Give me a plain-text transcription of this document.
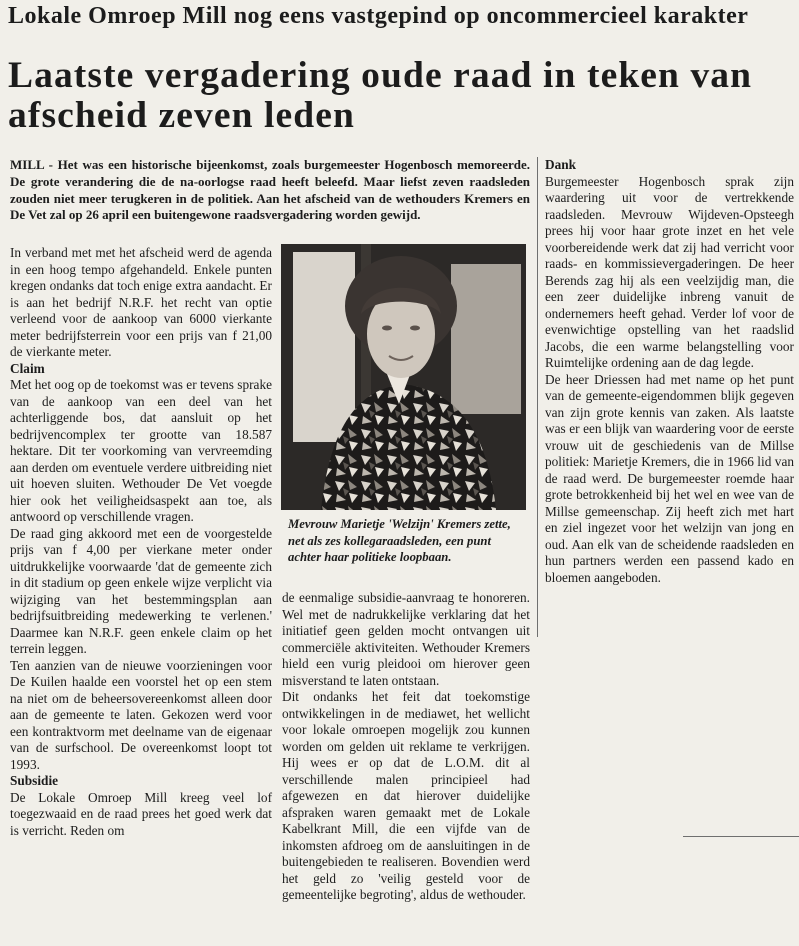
Lokale Omroep Mill nog eens vastgepind op oncommercieel karakter
Laatste vergadering oude raad in teken van afscheid zeven leden

MILL - Het was een historische bijeenkomst, zoals burgemeester Hogenbosch memoreerde. De grote verandering die de na-oorlogse raad heeft beleefd. Maar liefst zeven raadsleden zouden niet meer terugkeren in de politiek. Aan het afscheid van de wethouders Kremers en De Vet zal op 26 april een buitengewone raadsvergadering worden gewijd.

In verband met met het afscheid werd de agenda in een hoog tempo afgehandeld. Enkele punten kregen ondanks dat toch enige extra aandacht. Er is aan het bedrijf N.R.F. het recht van optie verleend voor de aankoop van 6000 vierkante meter bedrijfsterrein voor een prijs van f 21,00 de vierkante meter.

Claim

Met het oog op de toekomst was er tevens sprake van de aankoop van een deel van het achterliggende bos, dat aansluit op het bedrijvencomplex ter grootte van 18.587 hektare. Dit ter voorkoming van vervreemding aan derden om eventuele verdere uitbreiding niet uit hoeven sluiten. Wethouder De Vet voegde hier ook het veiligheidsaspekt aan toe, als antwoord op verschillende vragen.

De raad ging akkoord met een de voorgestelde prijs van f 4,00 per vierkane meter onder uitdrukkelijke voorwaarde 'dat de gemeente zich in dit stadium op geen enkele wijze verplicht via wijziging van het bestemmingsplan aan bedrijfsuitbreiding medewerking te verlenen.' Daarmee kan N.R.F. geen enkele claim op het terrein leggen.

Ten aanzien van de nieuwe voorzieningen voor De Kuilen haalde een voorstel het op een stem na niet om de beheersovereenkomst alleen door aan de gemeente te laten. Gekozen werd voor een kontraktvorm met deelname van de eigenaar van de surfschool. De overeenkomst loopt tot 1993.

Subsidie

De Lokale Omroep Mill kreeg veel lof toegezwaaid en de raad prees het goed werk dat is verricht. Reden om

Mevrouw Marietje 'Welzijn' Kremers zette, net als zes kollegaraadsleden, een punt achter haar politieke loopbaan.

de eenmalige subsidie-aanvraag te honoreren. Wel met de nadrukkelijke verklaring dat het initiatief geen gelden mocht ontvangen uit commerciële aktiviteiten. Wethouder Kremers hield een vurig pleidooi om hierover geen misverstand te laten ontstaan.

Dit ondanks het feit dat toekomstige ontwikkelingen in de mediawet, het wellicht voor lokale omroepen mogelijk zou kunnen worden om gelden uit reklame te verkrijgen. Hij wees er op dat de L.O.M. dit al verschillende malen principieel had afgewezen en dat hierover duidelijke afspraken waren gemaakt met de Lokale Kabelkrant Mill, die een vijfde van de inkomsten afdroeg om de aansluitingen in de buitengebieden te realiseren. Bovendien werd het geld zo 'veilig gesteld voor de gemeentelijke begroting', aldus de wethouder.

Dank

Burgemeester Hogenbosch sprak zijn waardering uit voor de vertrekkende raadsleden. Mevrouw Wijdeven-Opsteegh prees hij voor haar grote inzet en het vele voorbereidende werk dat zij had verricht voor raads- en kommissievergaderingen. De heer Berends zag hij als een veelzijdig man, die een zeer duidelijke inbreng vanuit de ondernemers heeft gehad. Verder lof voor de evenwichtige opstelling van het raadslid Jacobs, die een warme belangstelling voor Ruimtelijke ordening aan de dag legde.

De heer Driessen had met name op het punt van de gemeente-eigendommen blijk gegeven van zijn grote kennis van zaken. Als laatste was er een blijk van waardering voor de eerste vrouw uit de geschiedenis van de Millse politiek: Marietje Kremers, die in 1966 lid van de raad werd. De burgemeester roemde haar grote betrokkenheid bij het wel en wee van de Millse gemeenschap. Zij heeft zich met hart en ziel ingezet voor het welzijn van jong en oud. Aan elk van de scheidende raadsleden en hun partners werden een passend kado en bloemen aangeboden.
